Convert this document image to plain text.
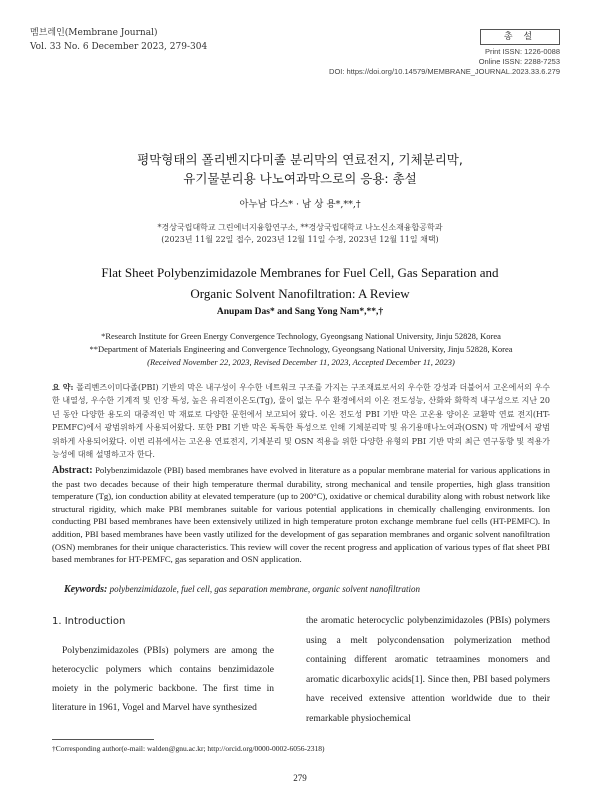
멤브레인(Membrane Journal)
Vol. 33 No. 6 December 2023, 279-304
총 설
Print ISSN: 1226-0088
Online ISSN: 2288-7253
DOI: https://doi.org/10.14579/MEMBRANE_JOURNAL.2023.33.6.279
평막형태의 폴리벤지다미졸 분리막의 연료전지, 기체분리막,
유기물분리용 나노여과막으로의 응용: 총설
아누남 다스* · 남 상 용*,**,†
*경상국립대학교 그린에너지융합연구소, **경상국립대학교 나노신소재융합공학과
(2023년 11월 22일 접수, 2023년 12월 11일 수정, 2023년 12월 11일 채택)
Flat Sheet Polybenzimidazole Membranes for Fuel Cell, Gas Separation and
Organic Solvent Nanofiltration: A Review
Anupam Das* and Sang Yong Nam*,**,†
*Research Institute for Green Energy Convergence Technology, Gyeongsang National University, Jinju 52828, Korea
**Department of Materials Engineering and Convergence Technology, Gyeongsang National University, Jinju 52828, Korea
(Received November 22, 2023, Revised December 11, 2023, Accepted December 11, 2023)
요 약: 폴리벤즈이미다졸(PBI) 기반의 막은 내구성이 우수한 네트워크 구조를 가지는 구조재료로서의 우수한 강성과 더불어서 고온에서의 우수한 내열성, 우수한 기계적 및 인장 특성, 높은 유리전이온도(Tg), 물이 없는 무수 환경에서의 이온 전도성능, 산화와 화학적 내구성으로 지난 20년 동안 다양한 용도의 대중적인 막 재료로 다양한 문헌에서 보고되어 왔다. 이온 전도성 PBI 기반 막은 고온용 양이온 교환막 연료 전지(HT-PEMFC)에서 광범위하게 사용되어왔다. 또한 PBI 기반 막은 독특한 특성으로 인해 기체분리막 및 유기용매나노여과(OSN) 막 개발에서 광범위하게 사용되어왔다. 이번 리뷰에서는 고온용 연료전지, 기체분리 및 OSN 적용을 위한 다양한 유형의 PBI 기반 막의 최근 연구동향 및 적용가능성에 대해 설명하고자 한다.
Abstract: Polybenzimidazole (PBI) based membranes have evolved in literature as a popular membrane material for various applications in the past two decades because of their high temperature thermal durability, strong mechanical and tensile properties, high glass transition temperature (Tg), ion conduction ability at elevated temperature (up to 200°C), oxidative or chemical durability along with robust network like structural rigidity, which make PBI membranes suitable for various potential applications in chemically challenging environments. Ion conducting PBI based membranes have been extensively utilized in high temperature proton exchange membrane fuel cells (HT-PEMFC). In addition, PBI based membranes have been vastly utilized for the development of gas separation membranes and organic solvent nanofiltration (OSN) membranes for their unique characteristics. This review will cover the recent progress and application of various types of flat sheet PBI based membranes for HT-PEMFC, gas separation and OSN application.
Keywords: polybenzimidazole, fuel cell, gas separation membrane, organic solvent nanofiltration
1. Introduction

Polybenzimidazoles (PBIs) polymers are among the heterocyclic polymers which contains benzimidazole moiety in the polymeric backbone. The first time in literature in 1961, Vogel and Marvel have synthesized

the aromatic heterocyclic polybenzimidazoles (PBIs) polymers using a melt polycondensation polymerization method containing different aromatic tetraamines monomers and aromatic dicarboxylic acids[1]. Since then, PBI based polymers have received extensive attention worldwide due to their remarkable physiochemical

†Corresponding author(e-mail: walden@gnu.ac.kr; http://orcid.org/0000-0002-6056-2318)
279
